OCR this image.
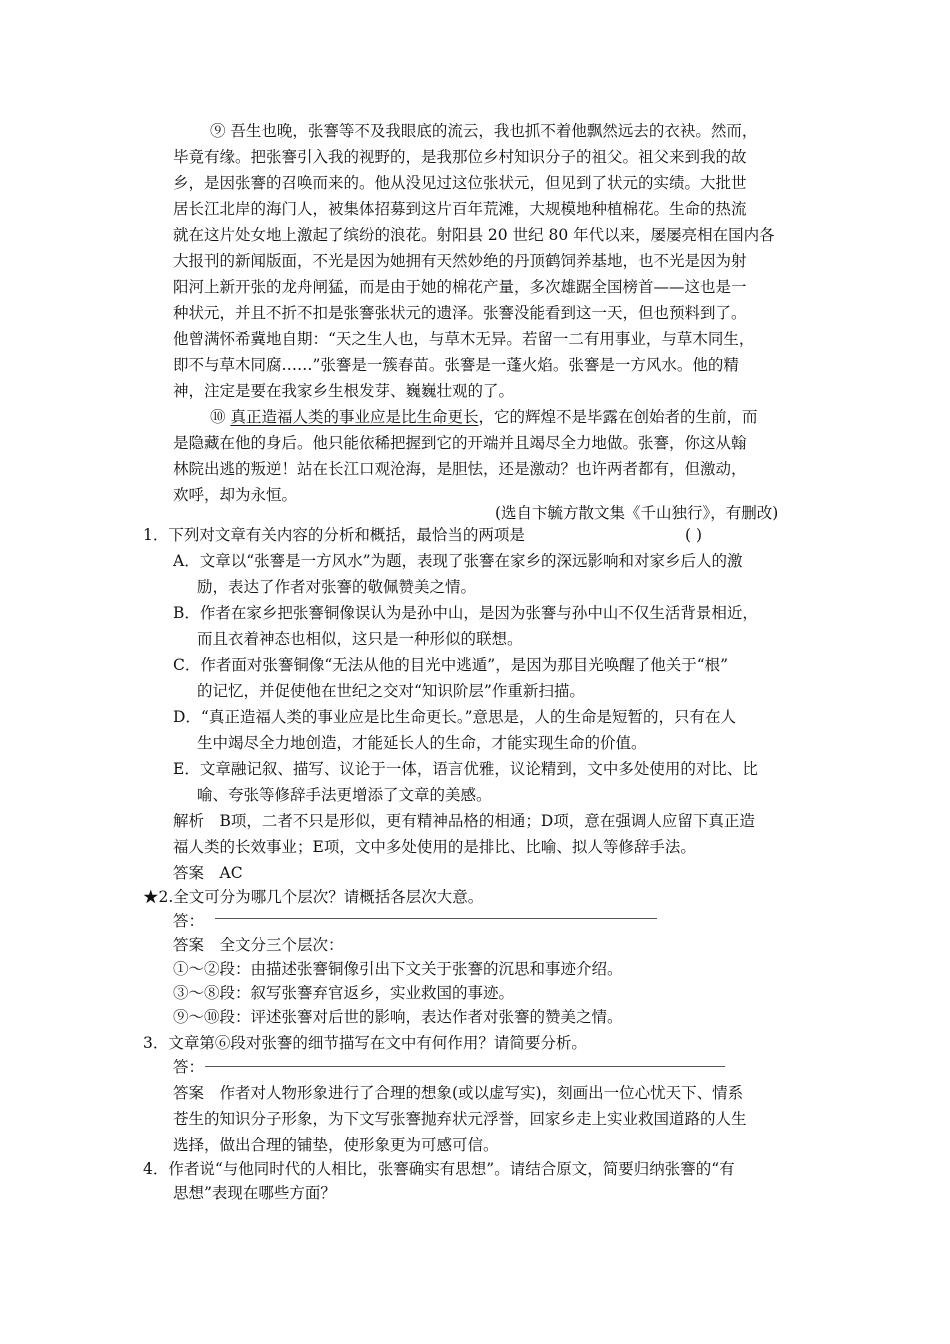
⑨ 吾生也晚，张謇等不及我眼底的流云，我也抓不着他飘然远去的衣袂。然而，
毕竟有缘。把张謇引入我的视野的，是我那位乡村知识分子的祖父。祖父来到我的故
乡，是因张謇的召唤而来的。他从没见过这位张状元，但见到了状元的实绩。大批世
居长江北岸的海门人，被集体招募到这片百年荒滩，大规模地种植棉花。生命的热流
就在这片处女地上激起了缤纷的浪花。射阳县 20 世纪 80 年代以来，屡屡亮相在国内各
大报刊的新闻版面，不光是因为她拥有天然妙绝的丹顶鹤饲养基地，也不光是因为射
阳河上新开张的龙舟闸猛，而是由于她的棉花产量，多次雄踞全国榜首——这也是一
种状元，并且不折不扣是张謇张状元的遗泽。张謇没能看到这一天，但也预料到了。
他曾满怀希冀地自期：“天之生人也，与草木无异。若留一二有用事业，与草木同生，
即不与草木同腐……”张謇是一簇春苗。张謇是一蓬火焰。张謇是一方风水。他的精
神，注定是要在我家乡生根发芽、巍巍壮观的了。
⑩ 真正造福人类的事业应是比生命更长，它的辉煌不是毕露在创始者的生前，而
是隐藏在他的身后。他只能依稀把握到它的开端并且竭尽全力地做。张謇，你这从翰
林院出逃的叛逆！站在长江口观沧海，是胆怯，还是激动？也许两者都有，但激动，
欢呼，却为永恒。
(选自卞毓方散文集《千山独行》，有删改)
1．下列对文章有关内容的分析和概括，最恰当的两项是	( )
A．文章以“张謇是一方风水”为题，表现了张謇在家乡的深远影响和对家乡后人的激
励，表达了作者对张謇的敬佩赞美之情。
B．作者在家乡把张謇铜像误认为是孙中山，是因为张謇与孙中山不仅生活背景相近，
而且衣着神态也相似，这只是一种形似的联想。
C．作者面对张謇铜像“无法从他的目光中逃遁”，是因为那目光唤醒了他关于“根”
的记忆，并促使他在世纪之交对“知识阶层”作重新扫描。
D．“真正造福人类的事业应是比生命更长。”意思是，人的生命是短暂的，只有在人
生中竭尽全力地创造，才能延长人的生命，才能实现生命的价值。
E．文章融记叙、描写、议论于一体，语言优雅，议论精到，文中多处使用的对比、比
喻、夸张等修辞手法更增添了文章的美感。
解析　B项，二者不只是形似，更有精神品格的相通；D项，意在强调人应留下真正造
福人类的长效事业；E项，文中多处使用的是排比、比喻、拟人等修辞手法。
答案　AC
★2.全文可分为哪几个层次？请概括各层次大意。
答：
答案　全文分三个层次：
①～②段：由描述张謇铜像引出下文关于张謇的沉思和事迹介绍。
③～⑧段：叙写张謇弃官返乡，实业救国的事迹。
⑨～⑩段：评述张謇对后世的影响，表达作者对张謇的赞美之情。
3．文章第⑥段对张謇的细节描写在文中有何作用？请简要分析。
答：
答案　作者对人物形象进行了合理的想象(或以虚写实)，刻画出一位心忧天下、情系
苍生的知识分子形象，为下文写张謇抛弃状元浮誉，回家乡走上实业救国道路的人生
选择，做出合理的铺垫，使形象更为可感可信。
4．作者说“与他同时代的人相比，张謇确实有思想”。请结合原文，简要归纳张謇的“有
思想”表现在哪些方面？
